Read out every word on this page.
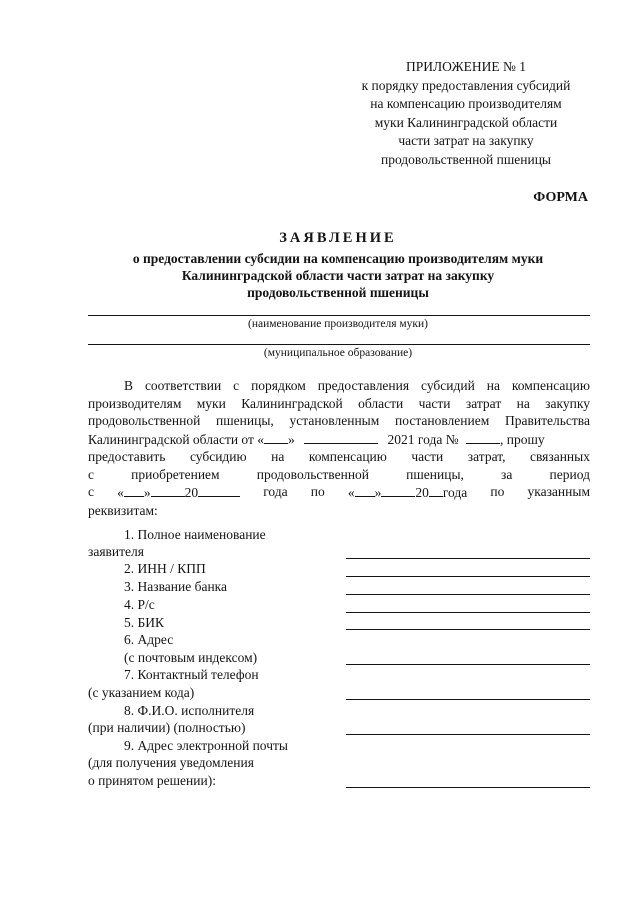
ПРИЛОЖЕНИЕ № 1
к порядку предоставления субсидий
на компенсацию производителям
муки Калининградской области
части затрат на закупку
продовольственной пшеницы
ФОРМА
ЗАЯВЛЕНИЕ
о предоставлении субсидии на компенсацию производителям муки
Калининградской области части затрат на закупку
продовольственной пшеницы
(наименование производителя муки)
(муниципальное образование)
В соответствии с порядком предоставления субсидий на компенсацию
производителям муки Калининградской области части затрат на закупку
продовольственной пшеницы, установленным постановлением Правительства
Калининградской области от « »	2021 года №	, прошу
предоставить субсидию на компенсацию части затрат, связанных
с	приобретением	продовольственной	пшеницы,	за	период
с « »	20	года по « »	20 года по указанным
реквизитам:
1. Полное наименование
заявителя
2. ИНН / КПП
3. Название банка
4. Р/с
5. БИК
6. Адрес
(с почтовым индексом)
7. Контактный телефон
(с указанием кода)
8. Ф.И.О. исполнителя
(при наличии) (полностью)
9. Адрес электронной почты
(для получения уведомления
о принятом решении):
